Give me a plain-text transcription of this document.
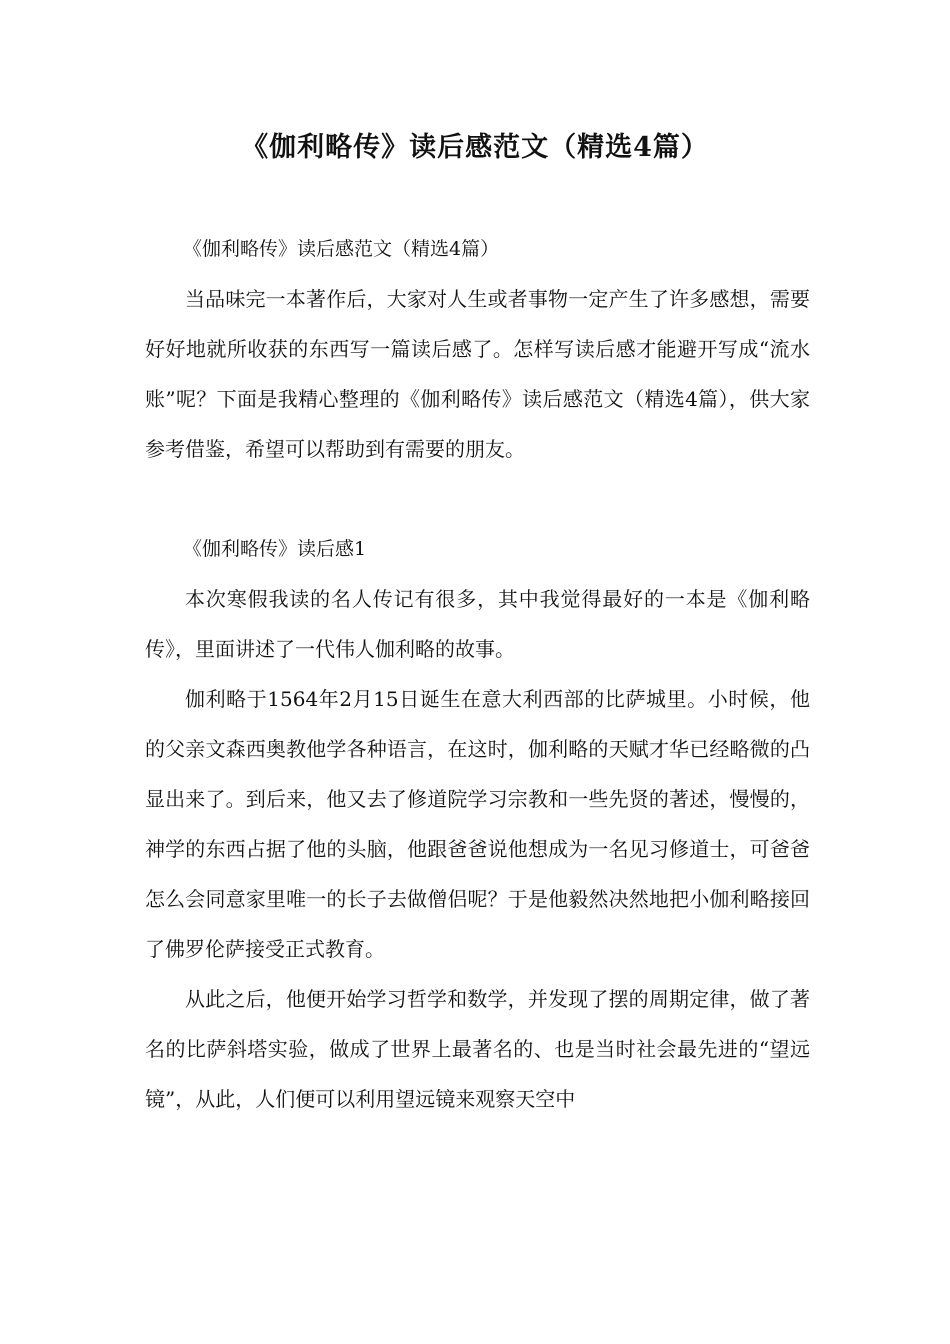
《伽利略传》读后感范文（精选4篇）

《伽利略传》读后感范文（精选4篇）

当品味完一本著作后，大家对人生或者事物一定产生了许多感想，需要好好地就所收获的东西写一篇读后感了。怎样写读后感才能避开写成“流水账”呢？下面是我精心整理的《伽利略传》读后感范文（精选4篇），供大家参考借鉴，希望可以帮助到有需要的朋友。

《伽利略传》读后感1

本次寒假我读的名人传记有很多，其中我觉得最好的一本是《伽利略传》，里面讲述了一代伟人伽利略的故事。

伽利略于1564年2月15日诞生在意大利西部的比萨城里。小时候，他的父亲文森西奥教他学各种语言，在这时，伽利略的天赋才华已经略微的凸显出来了。到后来，他又去了修道院学习宗教和一些先贤的著述，慢慢的，神学的东西占据了他的头脑，他跟爸爸说他想成为一名见习修道士，可爸爸怎么会同意家里唯一的长子去做僧侣呢？于是他毅然决然地把小伽利略接回了佛罗伦萨接受正式教育。

从此之后，他便开始学习哲学和数学，并发现了摆的周期定律，做了著名的比萨斜塔实验，做成了世界上最著名的、也是当时社会最先进的“望远镜”，从此，人们便可以利用望远镜来观察天空中
